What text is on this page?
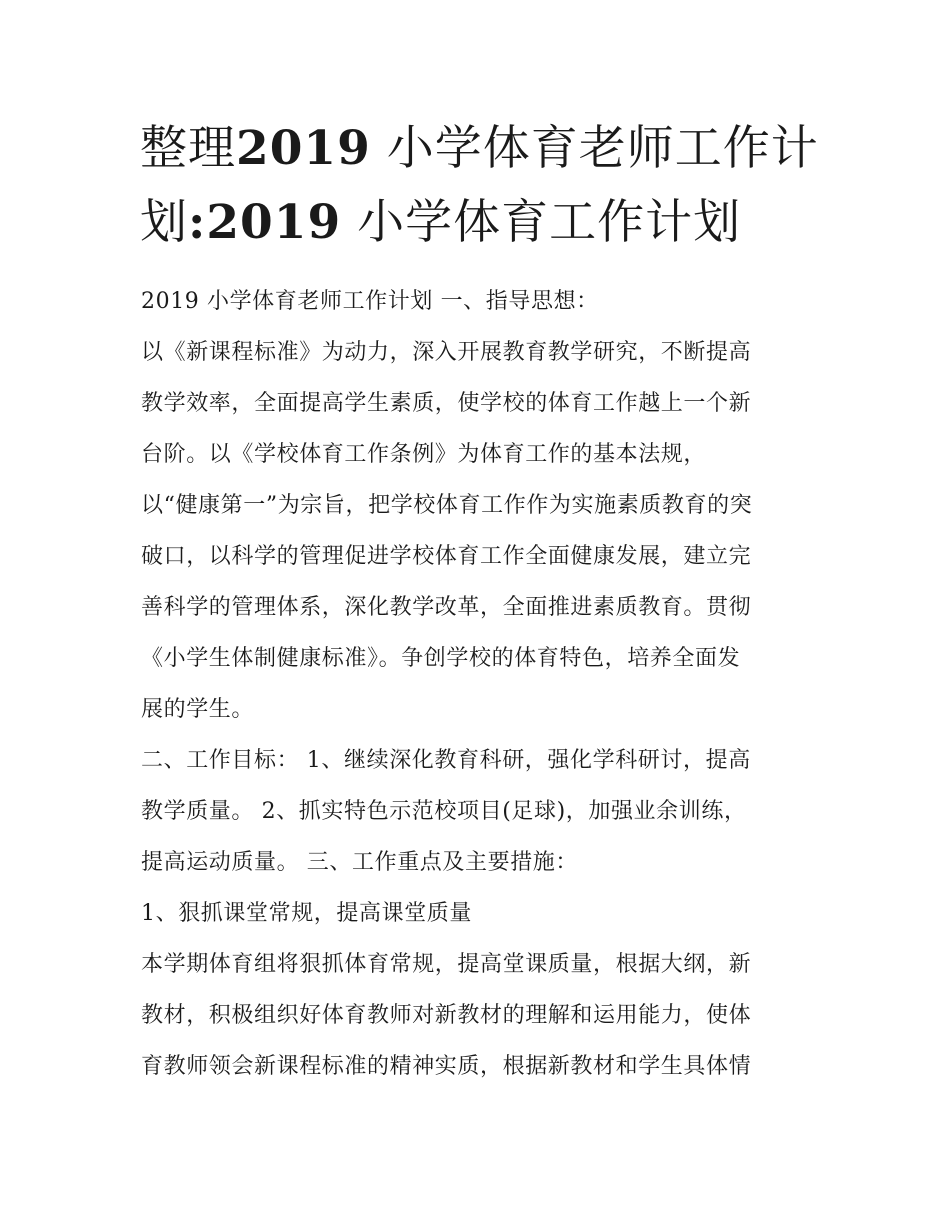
整理2019 小学体育老师工作计
划:2019 小学体育工作计划
2019 小学体育老师工作计划 一、指导思想：
以《新课程标准》为动力，深入开展教育教学研究，不断提高
教学效率，全面提高学生素质，使学校的体育工作越上一个新
台阶。以《学校体育工作条例》为体育工作的基本法规，
以“健康第一”为宗旨，把学校体育工作作为实施素质教育的突
破口，以科学的管理促进学校体育工作全面健康发展，建立完
善科学的管理体系，深化教学改革，全面推进素质教育。贯彻
《小学生体制健康标准》。争创学校的体育特色，培养全面发
展的学生。
二、工作目标： 1、继续深化教育科研，强化学科研讨，提高
教学质量。 2、抓实特色示范校项目(足球)，加强业余训练，
提高运动质量。 三、工作重点及主要措施：
1、狠抓课堂常规，提高课堂质量
本学期体育组将狠抓体育常规，提高堂课质量，根据大纲，新
教材，积极组织好体育教师对新教材的理解和运用能力，使体
育教师领会新课程标准的精神实质，根据新教材和学生具体情
